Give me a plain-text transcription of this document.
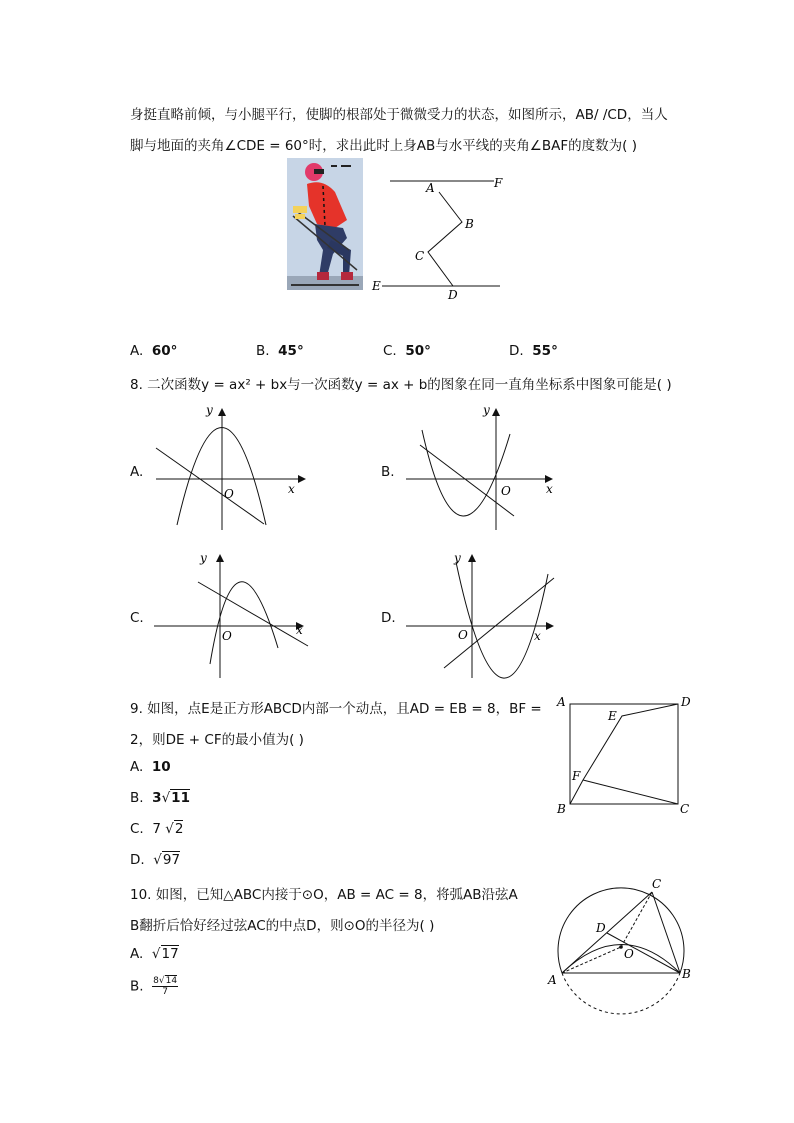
身挺直略前倾，与小腿平行，使脚的根部处于微微受力的状态，如图所示，AB/ /CD，当人
脚与地面的夹角∠CDE = 60°时，求出此时上身AB与水平线的夹角∠BAF的度数为( )
A	F
B
C
E
D
A. 60°	B. 45°	C. 50°	D. 55°
8. 二次函数y = ax² + bx与一次函数y = ax + b的图象在同一直角坐标系中图象可能是( )
A.
y
x
O
B.
y
x
O
C.
y
x
O
D.
y
x
O
9. 如图，点E是正方形ABCD内部一个动点，且AD = EB = 8，BF =
2，则DE + CF的最小值为( )
A. 10
B. 3√11
C. 7 √2
D. √97
A	D
E
F
B	C
10. 如图，已知△ABC内接于⊙O，AB = AC = 8，将弧AB沿弦A
B翻折后恰好经过弦AC的中点D，则⊙O的半径为( )
A. √17
B. $\frac{8√14}{7}$
C
D
O
A	B
